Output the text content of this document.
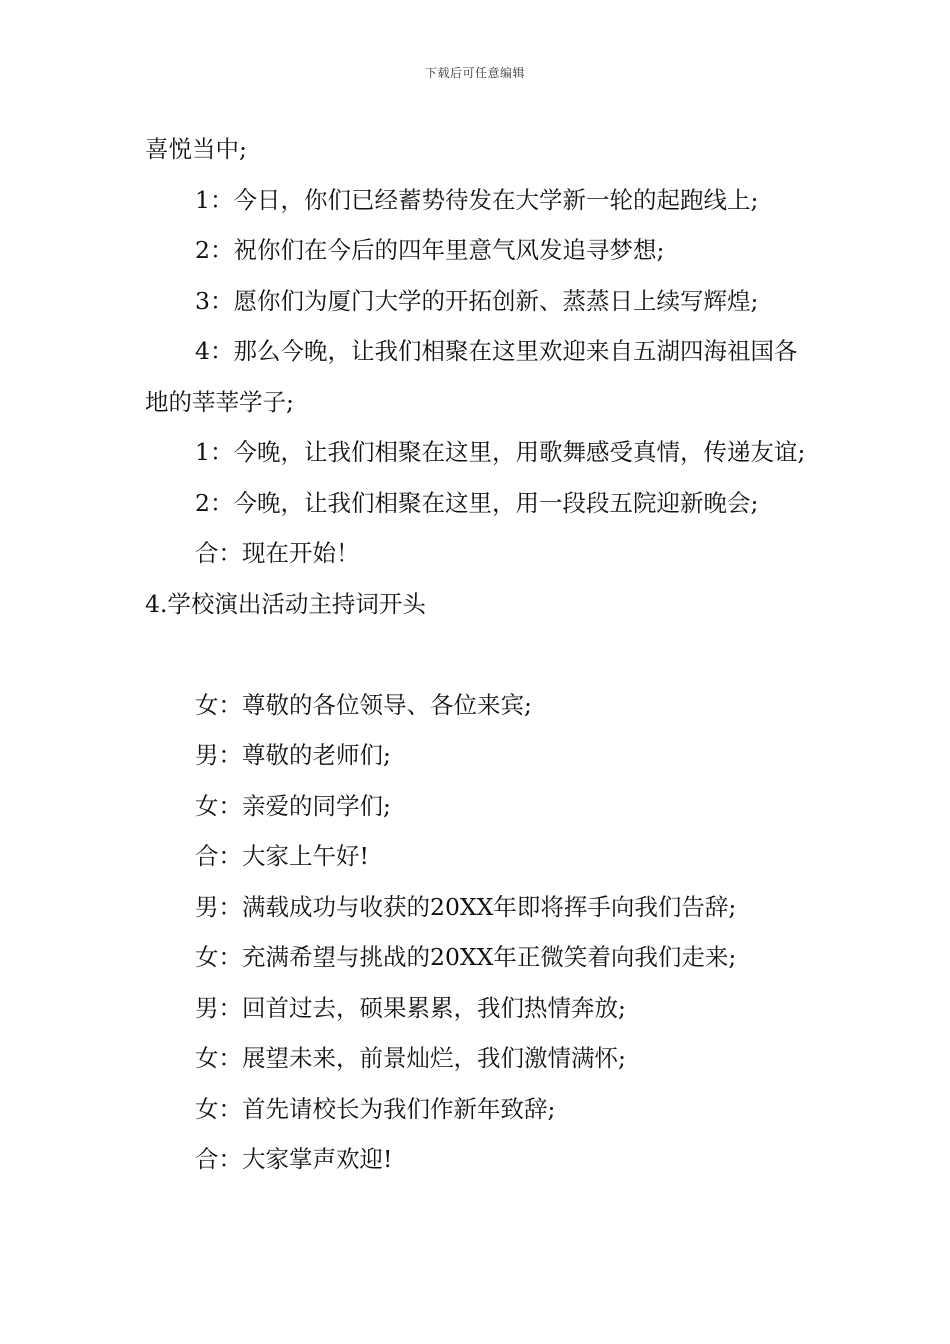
下载后可任意编辑

喜悦当中;

1：今日，你们已经蓄势待发在大学新一轮的起跑线上;

2：祝你们在今后的四年里意气风发追寻梦想;

3：愿你们为厦门大学的开拓创新、蒸蒸日上续写辉煌;

4：那么今晚，让我们相聚在这里欢迎来自五湖四海祖国各地的莘莘学子;

1：今晚，让我们相聚在这里，用歌舞感受真情，传递友谊;

2：今晚，让我们相聚在这里，用一段段五院迎新晚会;

合：现在开始！

4.学校演出活动主持词开头

女：尊敬的各位领导、各位来宾;

男：尊敬的老师们;

女：亲爱的同学们;

合：大家上午好!

男：满载成功与收获的20XX年即将挥手向我们告辞;

女：充满希望与挑战的20XX年正微笑着向我们走来;

男：回首过去，硕果累累，我们热情奔放;

女：展望未来，前景灿烂，我们激情满怀;

女：首先请校长为我们作新年致辞;

合：大家掌声欢迎!
